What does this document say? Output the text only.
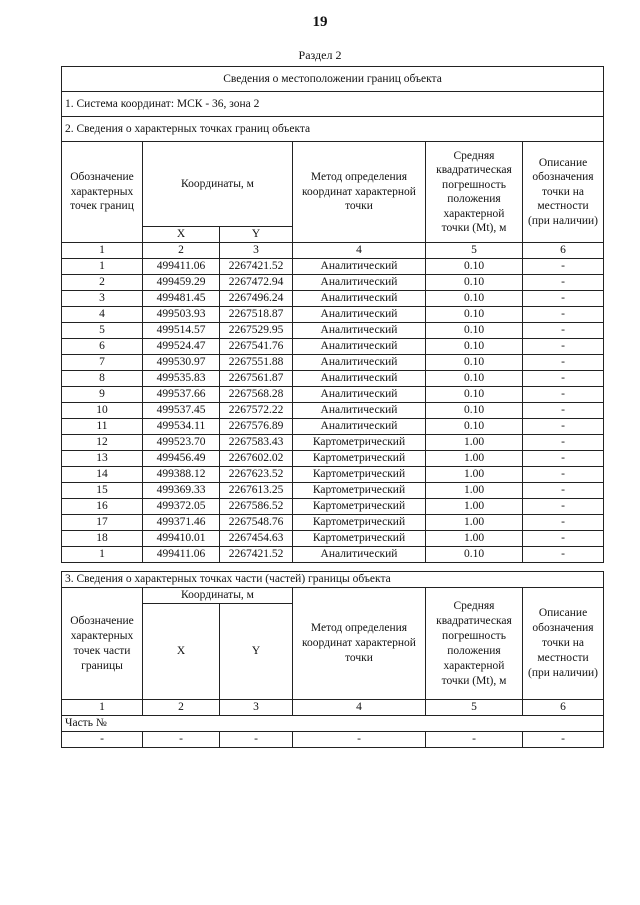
19
Раздел 2
Сведения о местоположении границ объекта					
1. Система координат: МСК - 36, зона 2					
2. Сведения о характерных точках границ объекта					
Обозначение характерных точек границ	Координаты, м		Метод определения координат характерной точки	Средняя квадратическая погрешность положения характерной точки (Mt), м	Описание обозначения точки на местности (при наличии)
	X	Y			
1	2	3	4	5	6
1	499411.06	2267421.52	Аналитический	0.10	-
2	499459.29	2267472.94	Аналитический	0.10	-
3	499481.45	2267496.24	Аналитический	0.10	-
4	499503.93	2267518.87	Аналитический	0.10	-
5	499514.57	2267529.95	Аналитический	0.10	-
6	499524.47	2267541.76	Аналитический	0.10	-
7	499530.97	2267551.88	Аналитический	0.10	-
8	499535.83	2267561.87	Аналитический	0.10	-
9	499537.66	2267568.28	Аналитический	0.10	-
10	499537.45	2267572.22	Аналитический	0.10	-
11	499534.11	2267576.89	Аналитический	0.10	-
12	499523.70	2267583.43	Картометрический	1.00	-
13	499456.49	2267602.02	Картометрический	1.00	-
14	499388.12	2267623.52	Картометрический	1.00	-
15	499369.33	2267613.25	Картометрический	1.00	-
16	499372.05	2267586.52	Картометрический	1.00	-
17	499371.46	2267548.76	Картометрический	1.00	-
18	499410.01	2267454.63	Картометрический	1.00	-
1	499411.06	2267421.52	Аналитический	0.10	-
3. Сведения о характерных точках части (частей) границы объекта					
Обозначение характерных точек части границы	Координаты, м		Метод определения координат характерной точки	Средняя квадратическая погрешность положения характерной точки (Mt), м	Описание обозначения точки на местности (при наличии)
	X	Y			
1	2	3	4	5	6
Часть №					
-	-	-	-	-	-
